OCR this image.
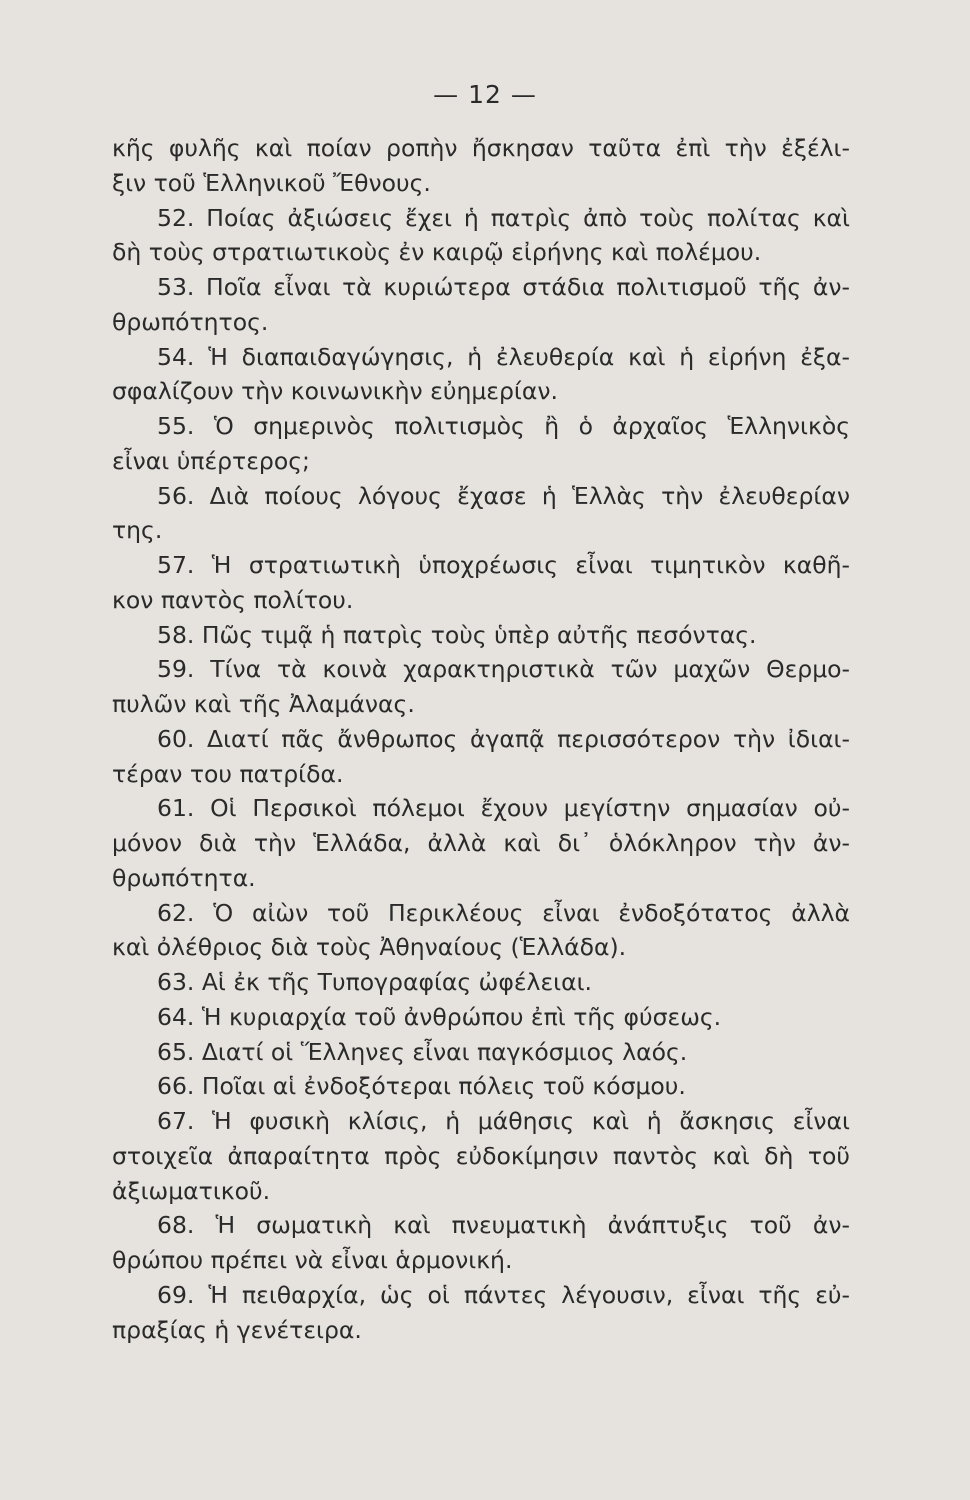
— 12 —
κῆς φυλῆς καὶ ποίαν ροπὴν ἤσκησαν ταῦτα ἐπὶ τὴν ἐξέλι-
ξιν τοῦ Ἑλληνικοῦ Ἔθνους.
52. Ποίας ἀξιώσεις ἔχει ἡ πατρὶς ἀπὸ τοὺς πολίτας καὶ
δὴ τοὺς στρατιωτικοὺς ἐν καιρῷ εἰρήνης καὶ πολέμου.
53. Ποῖα εἶναι τὰ κυριώτερα στάδια πολιτισμοῦ τῆς ἀν-
θρωπότητος.
54. Ἡ διαπαιδαγώγησις, ἡ ἐλευθερία καὶ ἡ εἰρήνη ἐξα-
σφαλίζουν τὴν κοινωνικὴν εὐημερίαν.
55. Ὁ σημερινὸς πολιτισμὸς ἢ ὁ ἀρχαῖος Ἑλληνικὸς
εἶναι ὑπέρτερος;
56. Διὰ ποίους λόγους ἔχασε ἡ Ἑλλὰς τὴν ἐλευθερίαν
της.
57. Ἡ στρατιωτικὴ ὑποχρέωσις εἶναι τιμητικὸν καθῆ-
κον παντὸς πολίτου.
58. Πῶς τιμᾷ ἡ πατρὶς τοὺς ὑπὲρ αὐτῆς πεσόντας.
59. Τίνα τὰ κοινὰ χαρακτηριστικὰ τῶν μαχῶν Θερμο-
πυλῶν καὶ τῆς Ἀλαμάνας.
60. Διατί πᾶς ἄνθρωπος ἀγαπᾷ περισσότερον τὴν ἰδιαι-
τέραν του πατρίδα.
61. Οἱ Περσικοὶ πόλεμοι ἔχουν μεγίστην σημασίαν οὐ-
μόνον διὰ τὴν Ἑλλάδα, ἀλλὰ καὶ δι᾽ ὁλόκληρον τὴν ἀν-
θρωπότητα.
62. Ὁ αἰὼν τοῦ Περικλέους εἶναι ἐνδοξότατος ἀλλὰ
καὶ ὀλέθριος διὰ τοὺς Ἀθηναίους (Ἑλλάδα).
63. Αἱ ἐκ τῆς Τυπογραφίας ὠφέλειαι.
64. Ἡ κυριαρχία τοῦ ἀνθρώπου ἐπὶ τῆς φύσεως.
65. Διατί οἱ Ἕλληνες εἶναι παγκόσμιος λαός.
66. Ποῖαι αἱ ἐνδοξότεραι πόλεις τοῦ κόσμου.
67. Ἡ φυσικὴ κλίσις, ἡ μάθησις καὶ ἡ ἄσκησις εἶναι
στοιχεῖα ἀπαραίτητα πρὸς εὐδοκίμησιν παντὸς καὶ δὴ τοῦ
ἀξιωματικοῦ.
68. Ἡ σωματικὴ καὶ πνευματικὴ ἀνάπτυξις τοῦ ἀν-
θρώπου πρέπει νὰ εἶναι ἁρμονική.
69. Ἡ πειθαρχία, ὡς οἱ πάντες λέγουσιν, εἶναι τῆς εὐ-
πραξίας ἡ γενέτειρα.
